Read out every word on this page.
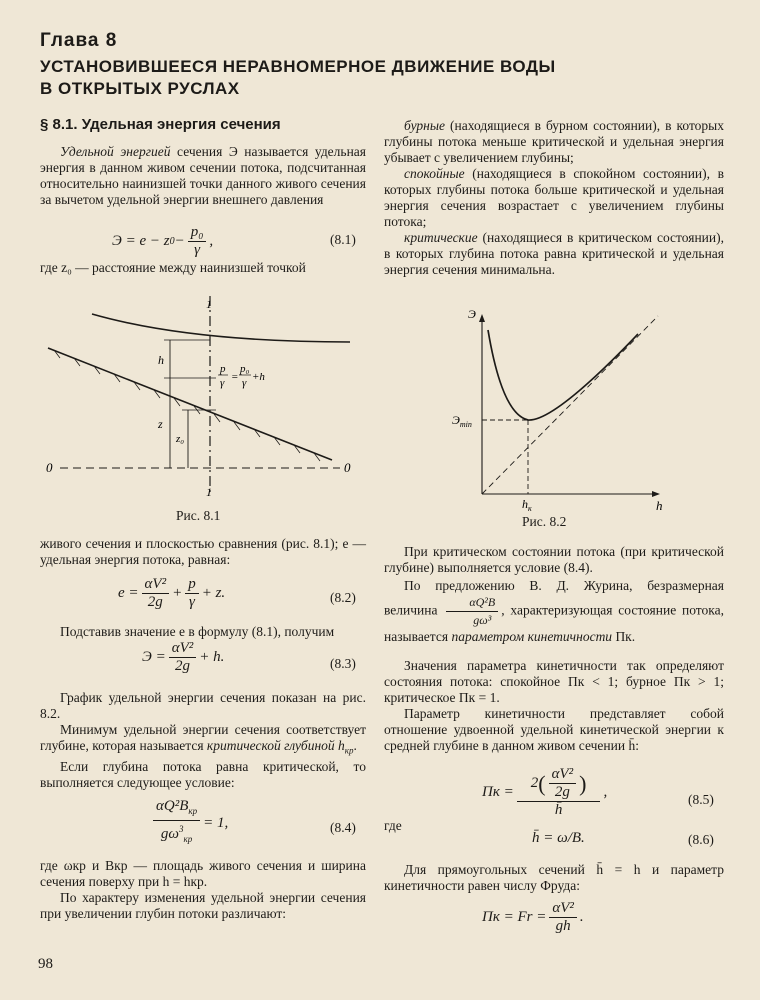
Глава 8
УСТАНОВИВШЕЕСЯ НЕРАВНОМЕРНОЕ ДВИЖЕНИЕ ВОДЫ В ОТКРЫТЫХ РУСЛАХ
§ 8.1. Удельная энергия сечения

Удельной энергией сечения Э называется удельная энергия в данном живом сечении потока, подсчитанная относительно наинизшей точки данного живого сечения за вычетом удельной энергии внешнего давления

Э = e − z $0 - \frac{\text{p₀}}{\gamma}$ ,	(8.1)

где z₀ — расстояние между наинизшей точкой

1
1
h
z
z₀
0	0
p
γ =
p₀
γ +h
Рис. 8.1

живого сечения и плоскостью сравнения (рис. 8.1); e — удельная энергия потока, равная:

$e = \frac{\text{αV²}}{2g} + \frac{p}{\gamma} + z$.	(8.2)

Подставив значение e в формулу (8.1), получим

$Э = \frac{\text{αV²}}{2g} + h$.	(8.3)

График удельной энергии сечения показан на рис. 8.2.

Минимум удельной энергии сечения соответствует глубине, которая называется критической глубиной $h_{кр}$.

Если глубина потока равна критической, то выполняется следующее условие:

$\frac{\alpha Q^2B_{кр}}{g\omega^3_{кр}} = 1$,	(8.4)

где ωкр и Bкр — площадь живого сечения и ширина сечения поверху при h = hкр.

По характеру изменения удельной энергии сечения при увеличении глубин потоки различают:

98

бурные (находящиеся в бурном состоянии), в которых глубины потока меньше критической и удельная энергия убывает с увеличением глубины;

спокойные (находящиеся в спокойном состоянии), в которых глубины потока больше критической и удельная энергия сечения возрастает с увеличением глубины потока;

критические (находящиеся в критическом состоянии), в которых глубина потока равна критической и удельная энергия сечения минимальна.

Э
h
$Э_{min}$
$h_к$
Рис. 8.2

При критическом состоянии потока (при критической глубине) выполняется условие (8.4).

По предложению В. Д. Журина, безразмерная величина $\frac{\text{αQ²B}}{\text{gω³}}$ , характеризующая состояние потока, называется параметром кинетичности Пк.

Значения параметра кинетичности так определяют состояния потока: спокойное Пк < 1; бурное Пк > 1; критическое Пк = 1.

Параметр кинетичности представляет собой отношение удвоенной удельной кинетической энергии к средней глубине в данном живом сечении h̄:

Пк = $\frac{2 ( \frac{\text{αV²}}{2g} )}{h̄}$ ,	(8.5)

где

h̄ = ω/B.	(8.6)

Для прямоугольных сечений h̄ = h и параметр кинетичности равен числу Фруда:

Пк = $Fr = \frac{\text{αV²}}{gh}$ .
